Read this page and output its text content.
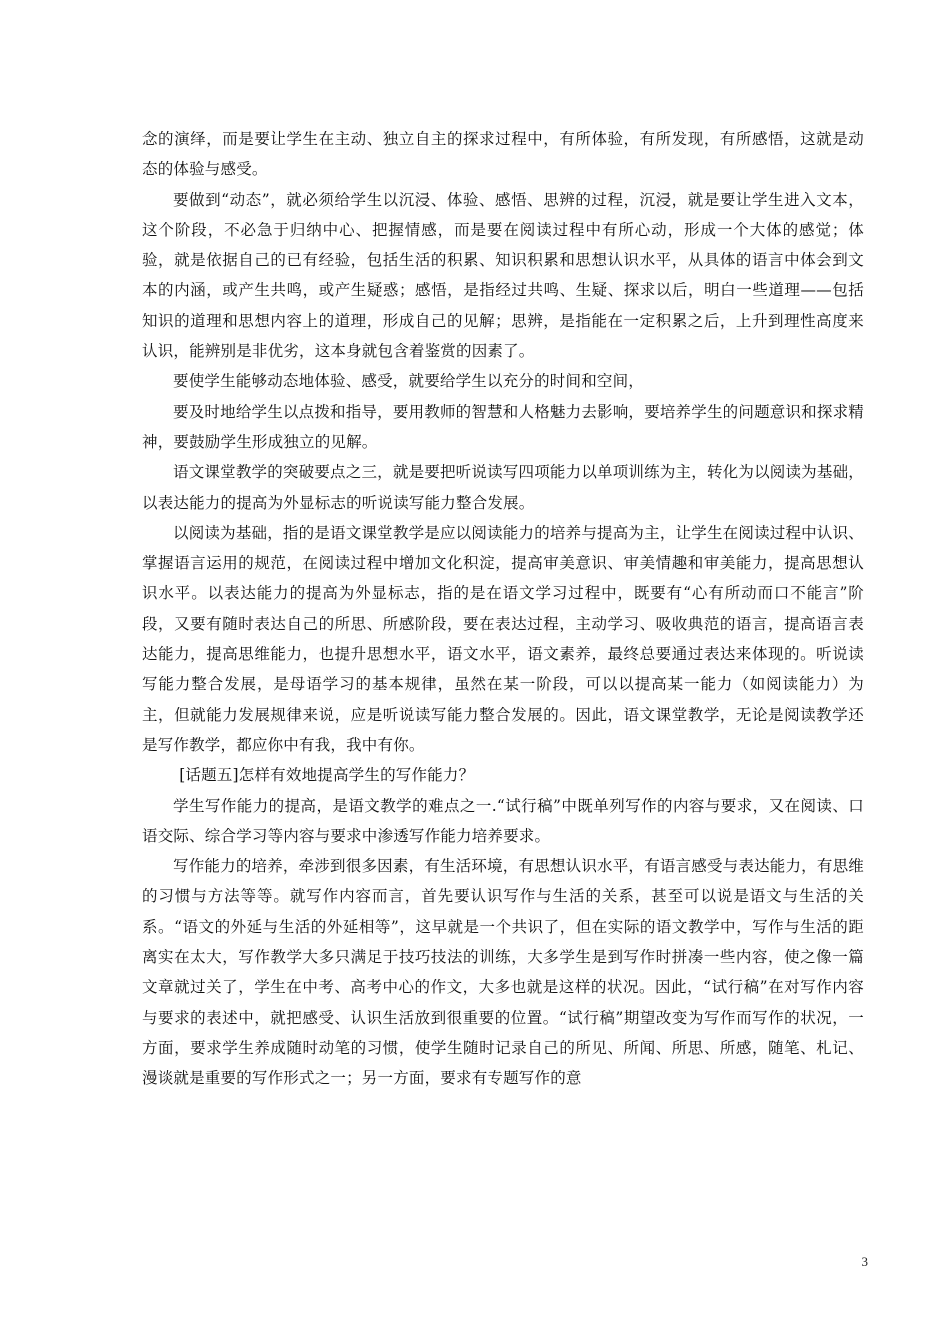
念的演绎，而是要让学生在主动、独立自主的探求过程中，有所体验，有所发现，有所感悟，这就是动态的体验与感受。

要做到“动态”，就必须给学生以沉浸、体验、感悟、思辨的过程，沉浸，就是要让学生进入文本，这个阶段，不必急于归纳中心、把握情感，而是要在阅读过程中有所心动，形成一个大体的感觉；体验，就是依据自己的已有经验，包括生活的积累、知识积累和思想认识水平，从具体的语言中体会到文本的内涵，或产生共鸣，或产生疑惑；感悟，是指经过共鸣、生疑、探求以后，明白一些道理——包括知识的道理和思想内容上的道理，形成自己的见解；思辨，是指能在一定积累之后，上升到理性高度来认识，能辨别是非优劣，这本身就包含着鉴赏的因素了。

要使学生能够动态地体验、感受，就要给学生以充分的时间和空间，

要及时地给学生以点拨和指导，要用教师的智慧和人格魅力去影响，要培养学生的问题意识和探求精神，要鼓励学生形成独立的见解。

语文课堂教学的突破要点之三，就是要把听说读写四项能力以单项训练为主，转化为以阅读为基础，以表达能力的提高为外显标志的听说读写能力整合发展。

以阅读为基础，指的是语文课堂教学是应以阅读能力的培养与提高为主，让学生在阅读过程中认识、掌握语言运用的规范，在阅读过程中增加文化积淀，提高审美意识、审美情趣和审美能力，提高思想认识水平。以表达能力的提高为外显标志，指的是在语文学习过程中，既要有“心有所动而口不能言”阶段，又要有随时表达自己的所思、所感阶段，要在表达过程，主动学习、吸收典范的语言，提高语言表达能力，提高思维能力，也提升思想水平，语文水平，语文素养，最终总要通过表达来体现的。听说读写能力整合发展，是母语学习的基本规律，虽然在某一阶段，可以以提高某一能力（如阅读能力）为主，但就能力发展规律来说，应是听说读写能力整合发展的。因此，语文课堂教学，无论是阅读教学还是写作教学，都应你中有我，我中有你。

[话题五]怎样有效地提高学生的写作能力？

学生写作能力的提高，是语文教学的难点之一.“试行稿”中既单列写作的内容与要求，又在阅读、口语交际、综合学习等内容与要求中渗透写作能力培养要求。

写作能力的培养，牵涉到很多因素，有生活环境，有思想认识水平，有语言感受与表达能力，有思维的习惯与方法等等。就写作内容而言，首先要认识写作与生活的关系，甚至可以说是语文与生活的关系。“语文的外延与生活的外延相等”，这早就是一个共识了，但在实际的语文教学中，写作与生活的距离实在太大，写作教学大多只满足于技巧技法的训练，大多学生是到写作时拼凑一些内容，使之像一篇文章就过关了，学生在中考、高考中心的作文，大多也就是这样的状况。因此，“试行稿”在对写作内容与要求的表述中，就把感受、认识生活放到很重要的位置。“试行稿”期望改变为写作而写作的状况，一方面，要求学生养成随时动笔的习惯，使学生随时记录自己的所见、所闻、所思、所感，随笔、札记、漫谈就是重要的写作形式之一；另一方面，要求有专题写作的意

3
